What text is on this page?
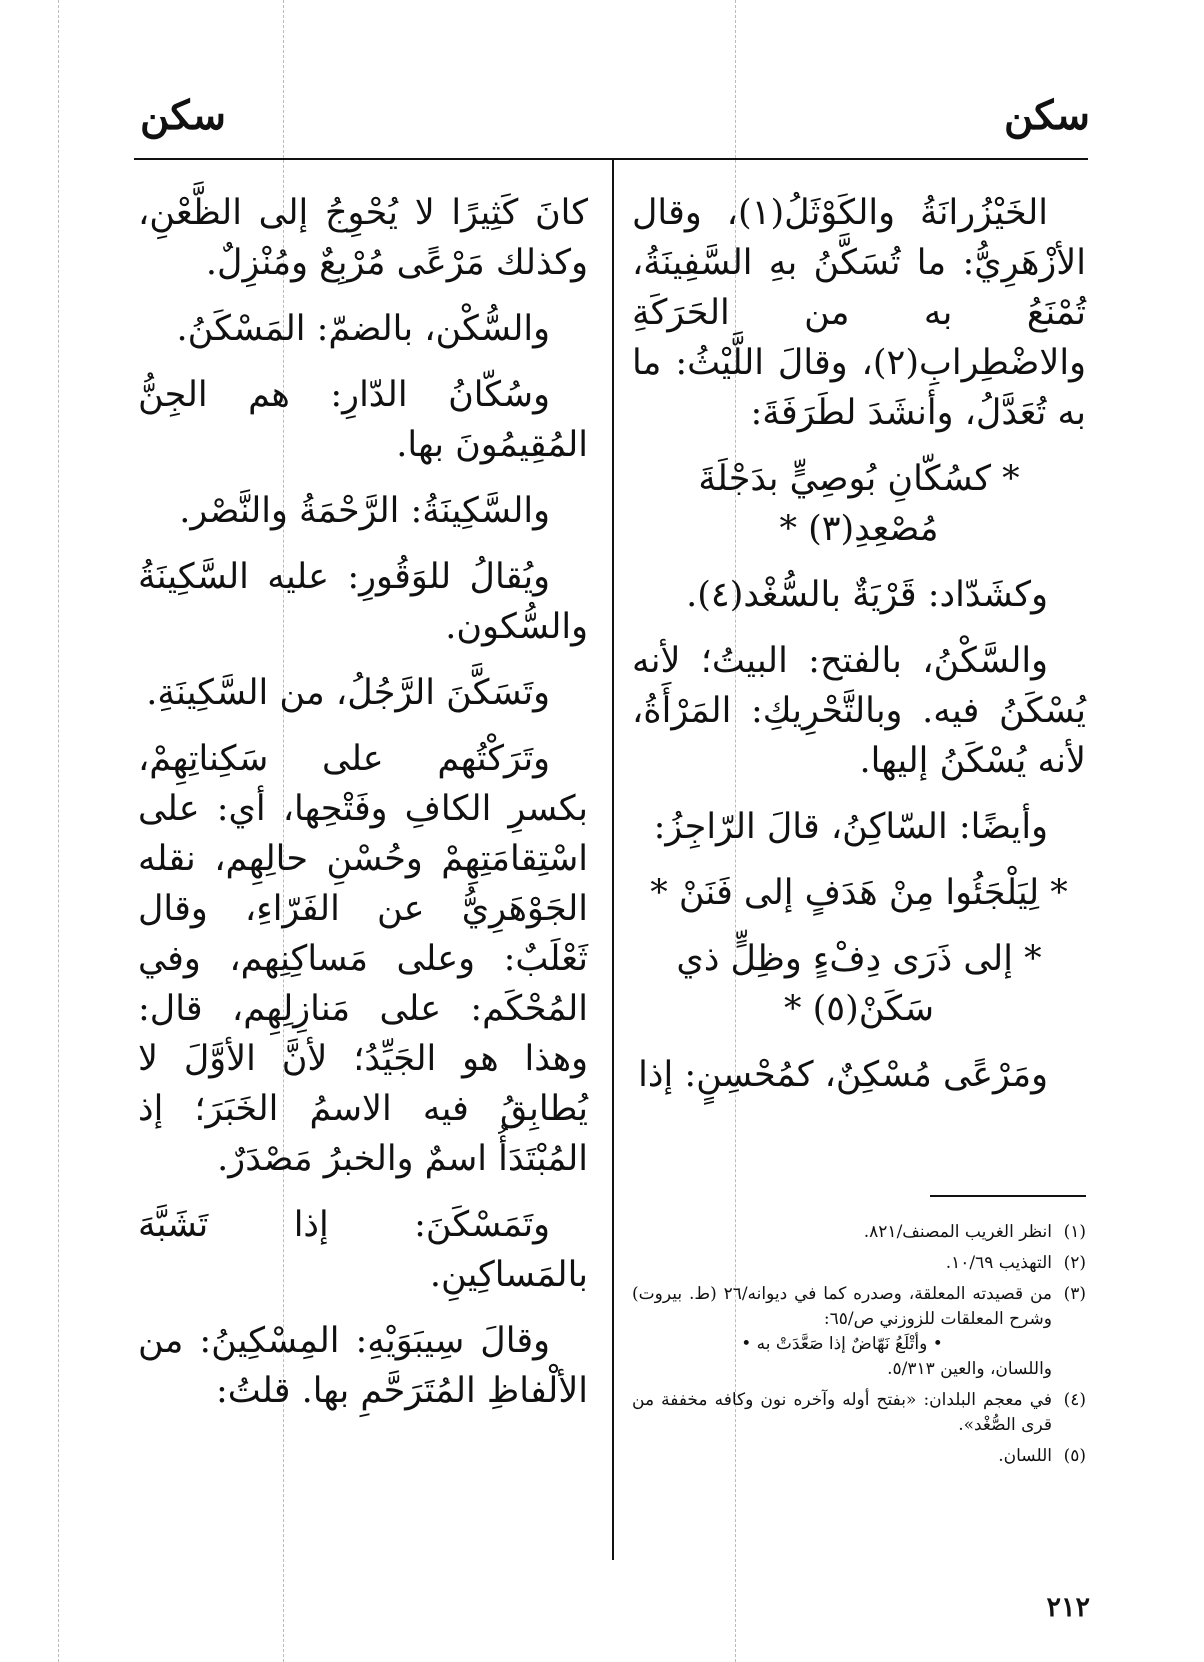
سكن
سكن

الخَيْزُرانَةُ والكَوْثَلُ(١)، وقال الأزْهَرِيُّ: ما تُسَكَّنُ بهِ السَّفِينَةُ، تُمْنَعُ به من الحَرَكَةِ والاضْطِرابِ(٢)، وقالَ اللَّيْثُ: ما به تُعَدَّلُ، وأنشَدَ لطَرَفَةَ:

* كسُكّانِ بُوصِيٍّ بدَجْلَةَ مُصْعِدِ(٣) *

وكشَدّاد: قَرْيَةٌ بالسُّغْد(٤).

والسَّكْنُ، بالفتح: البيتُ؛ لأنه يُسْكَنُ فيه. وبالتَّحْرِيكِ: المَرْأَةُ، لأنه يُسْكَنُ إليها.

وأيضًا: السّاكِنُ، قالَ الرّاجِزُ:

* لِيَلْجَئُوا مِنْ هَدَفٍ إلى فَنَنْ *

* إلى ذَرَى دِفْءٍ وظِلٍّ ذي سَكَنْ(٥) *

ومَرْعًى مُسْكِنٌ، كمُحْسِنٍ: إذا

كانَ كَثِيرًا لا يُحْوِجُ إلى الظَّعْنِ، وكذلك مَرْعًى مُرْبِعٌ ومُنْزِلٌ.

والسُّكْن، بالضمّ: المَسْكَنُ.

وسُكّانُ الدّارِ: هم الجِنُّ المُقِيمُونَ بها.

والسَّكِينَةُ: الرَّحْمَةُ والنَّصْر.

ويُقالُ للوَقُورِ: عليه السَّكِينَةُ والسُّكون.

وتَسَكَّنَ الرَّجُلُ، من السَّكِينَةِ.

وتَرَكْتُهم على سَكِناتِهِمْ، بكسرِ الكافِ وفَتْحِها، أي: على اسْتِقامَتِهِمْ وحُسْنِ حالِهِم، نقله الجَوْهَرِيُّ عن الفَرّاءِ، وقال ثَعْلَبٌ: وعلى مَساكِنِهم، وفي المُحْكَم: على مَنازِلِهِم، قال: وهذا هو الجَيِّدُ؛ لأنَّ الأوَّلَ لا يُطابِقُ فيه الاسمُ الخَبَرَ؛ إذ المُبْتَدَأُ اسمٌ والخبرُ مَصْدَرٌ.

وتَمَسْكَنَ: إذا تَشَبَّهَ بالمَساكِينِ.

وقالَ سِيبَوَيْهِ: المِسْكِينُ: من الألْفاظِ المُتَرَحَّمِ بها. قلتُ:

(١)
انظر الغريب المصنف/٨٢١.
(٢)
التهذيب ١٠/٦٩.
(٣)
من قصيدته المعلقة، وصدره كما في ديوانه/٢٦ (ط. بيروت) وشرح المعلقات للزوزني ص/٦٥:
• وأتْلَعُ نَهّاضٌ إذا صَعَّدَتْ به •
واللسان، والعين ٥/٣١٣.
(٤)
في معجم البلدان: «بفتح أوله وآخره نون وكافه مخففة من قرى الصُّغْد».
(٥)
اللسان.
٢١٢
